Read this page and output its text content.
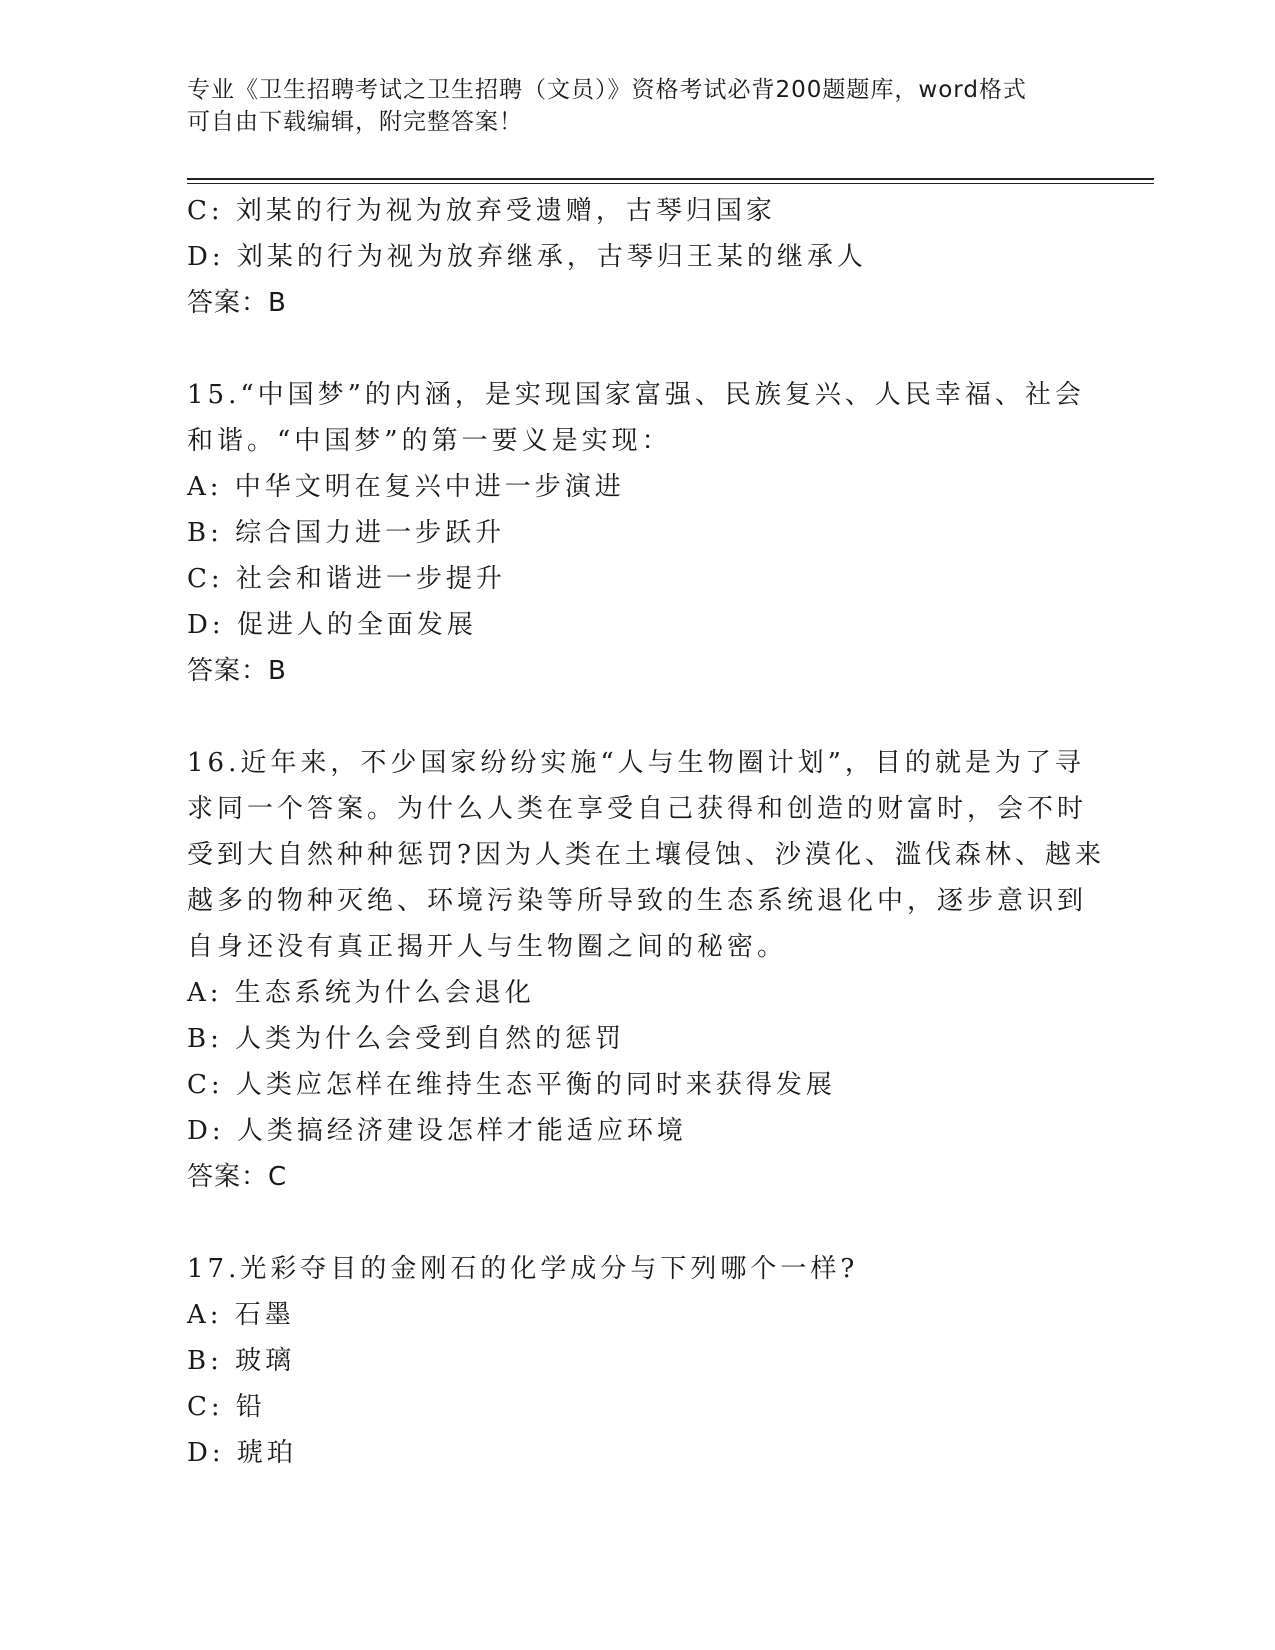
专业《卫生招聘考试之卫生招聘（文员）》资格考试必背200题题库，word格式
可自由下载编辑，附完整答案！
C: 刘某的行为视为放弃受遗赠，古琴归国家
D: 刘某的行为视为放弃继承，古琴归王某的继承人
答案：B
15.“中国梦”的内涵，是实现国家富强、民族复兴、人民幸福、社会
和谐。“中国梦”的第一要义是实现：
A: 中华文明在复兴中进一步演进
B: 综合国力进一步跃升
C: 社会和谐进一步提升
D: 促进人的全面发展
答案：B
16.近年来，不少国家纷纷实施“人与生物圈计划”，目的就是为了寻
求同一个答案。为什么人类在享受自己获得和创造的财富时，会不时
受到大自然种种惩罚?因为人类在土壤侵蚀、沙漠化、滥伐森林、越来
越多的物种灭绝、环境污染等所导致的生态系统退化中，逐步意识到
自身还没有真正揭开人与生物圈之间的秘密。
A: 生态系统为什么会退化
B: 人类为什么会受到自然的惩罚
C: 人类应怎样在维持生态平衡的同时来获得发展
D: 人类搞经济建设怎样才能适应环境
答案：C
17.光彩夺目的金刚石的化学成分与下列哪个一样?
A: 石墨
B: 玻璃
C: 铅
D: 琥珀
